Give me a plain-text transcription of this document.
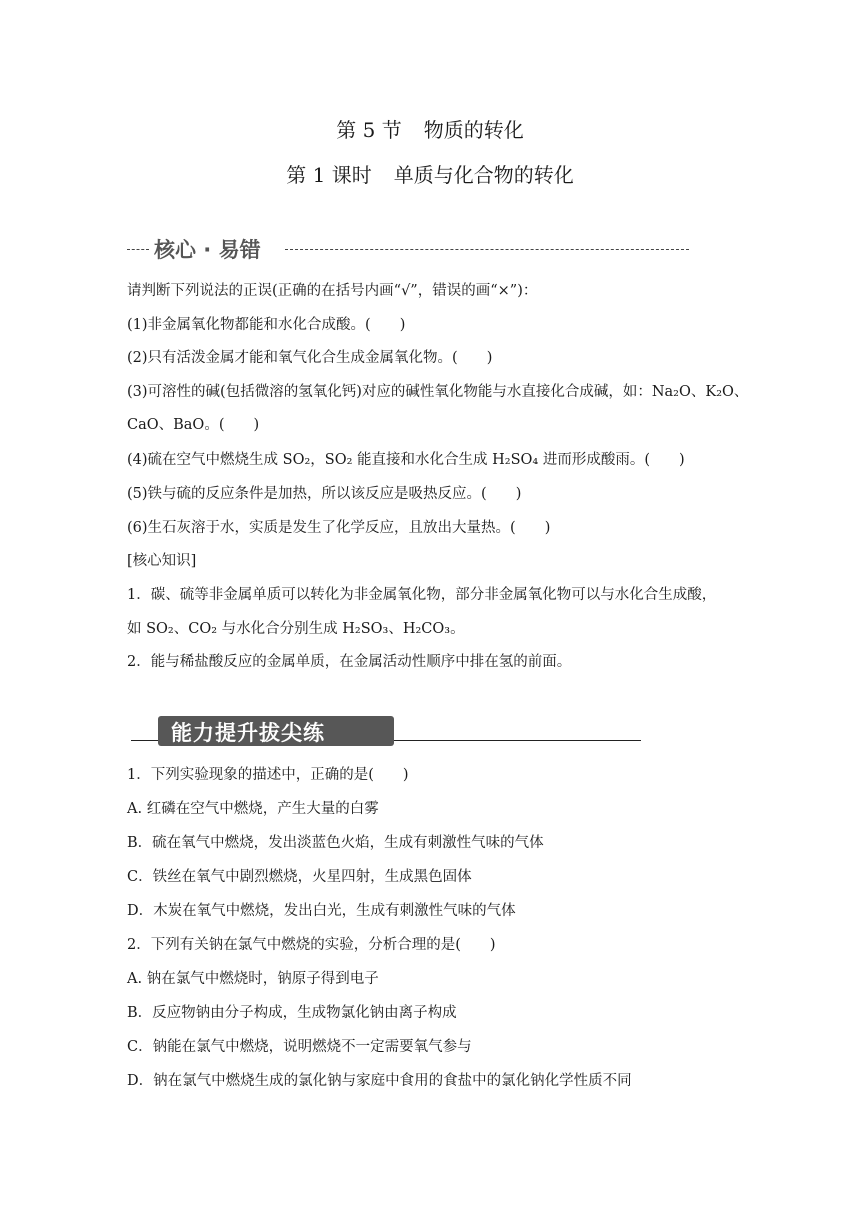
第 5 节 物质的转化
第 1 课时 单质与化合物的转化
核心 · 易错
请判断下列说法的正误(正确的在括号内画“√”，错误的画“×”)：
(1)非金属氧化物都能和水化合成酸。(　　)
(2)只有活泼金属才能和氧气化合生成金属氧化物。(　　)
(3)可溶性的碱(包括微溶的氢氧化钙)对应的碱性氧化物能与水直接化合成碱，如：Na₂O、K₂O、
CaO、BaO。(　　)
(4)硫在空气中燃烧生成 SO₂，SO₂ 能直接和水化合生成 H₂SO₄ 进而形成酸雨。(　　)
(5)铁与硫的反应条件是加热，所以该反应是吸热反应。(　　)
(6)生石灰溶于水，实质是发生了化学反应，且放出大量热。(　　)
[核心知识]
1．碳、硫等非金属单质可以转化为非金属氧化物，部分非金属氧化物可以与水化合生成酸，
如 SO₂、CO₂ 与水化合分别生成 H₂SO₃、H₂CO₃。
2．能与稀盐酸反应的金属单质，在金属活动性顺序中排在氢的前面。
能力提升拔尖练
1．下列实验现象的描述中，正确的是(　　)
A. 红磷在空气中燃烧，产生大量的白雾
B．硫在氧气中燃烧，发出淡蓝色火焰，生成有刺激性气味的气体
C．铁丝在氧气中剧烈燃烧，火星四射，生成黑色固体
D．木炭在氧气中燃烧，发出白光，生成有刺激性气味的气体
2．下列有关钠在氯气中燃烧的实验，分析合理的是(　　)
A. 钠在氯气中燃烧时，钠原子得到电子
B．反应物钠由分子构成，生成物氯化钠由离子构成
C．钠能在氯气中燃烧，说明燃烧不一定需要氧气参与
D．钠在氯气中燃烧生成的氯化钠与家庭中食用的食盐中的氯化钠化学性质不同
